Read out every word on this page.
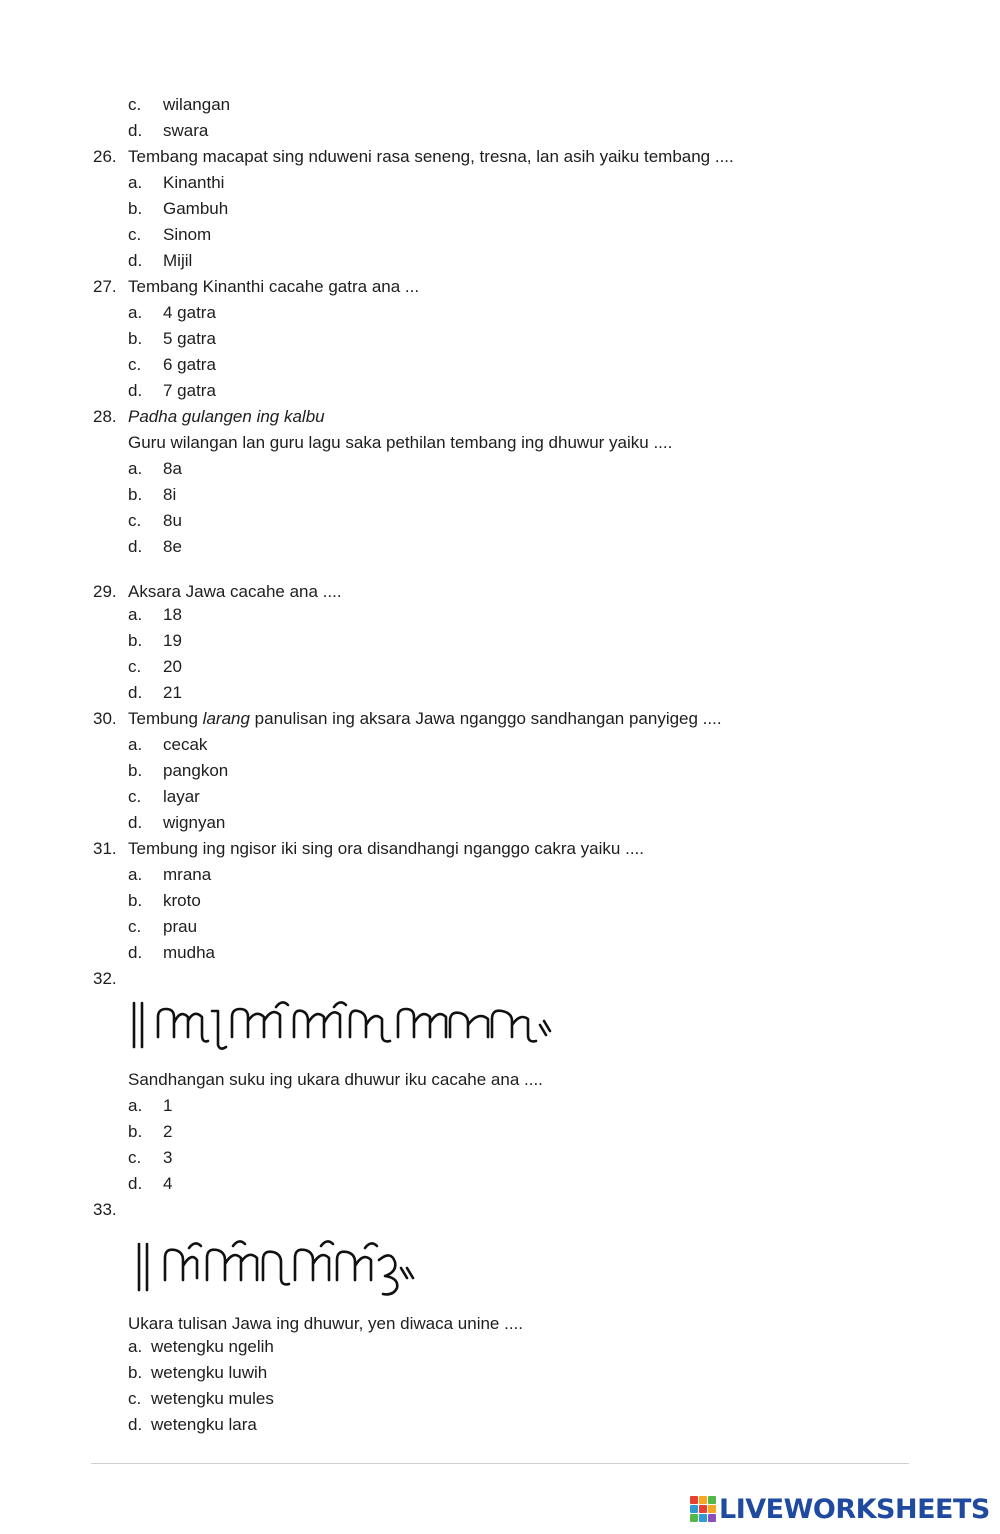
c. wilangan
d. swara
26. Tembang macapat sing nduweni rasa seneng, tresna, lan asih yaiku tembang ....
a. Kinanthi
b. Gambuh
c. Sinom
d. Mijil
27. Tembang Kinanthi cacahe gatra ana ...
a. 4 gatra
b. 5 gatra
c. 6 gatra
d. 7 gatra
28. Padha gulangen ing kalbu
Guru wilangan lan guru lagu saka pethilan tembang ing dhuwur yaiku ....
a. 8a
b. 8i
c. 8u
d. 8e
29. Aksara Jawa cacahe ana ....
a. 18
b. 19
c. 20
d. 21
30. Tembung larang panulisan ing aksara Jawa nganggo sandhangan panyigeg ....
a. cecak
b. pangkon
c. layar
d. wignyan
31. Tembung ing ngisor iki sing ora disandhangi nganggo cakra yaiku ....
a. mrana
b. kroto
c. prau
d. mudha
32.
Sandhangan suku ing ukara dhuwur iku cacahe ana ....
a. 1
b. 2
c. 3
d. 4
33.
Ukara tulisan Jawa ing dhuwur, yen diwaca unine ....
a. wetengku ngelih
b. wetengku luwih
c. wetengku mules
d. wetengku lara
LIVEWORKSHEETS
